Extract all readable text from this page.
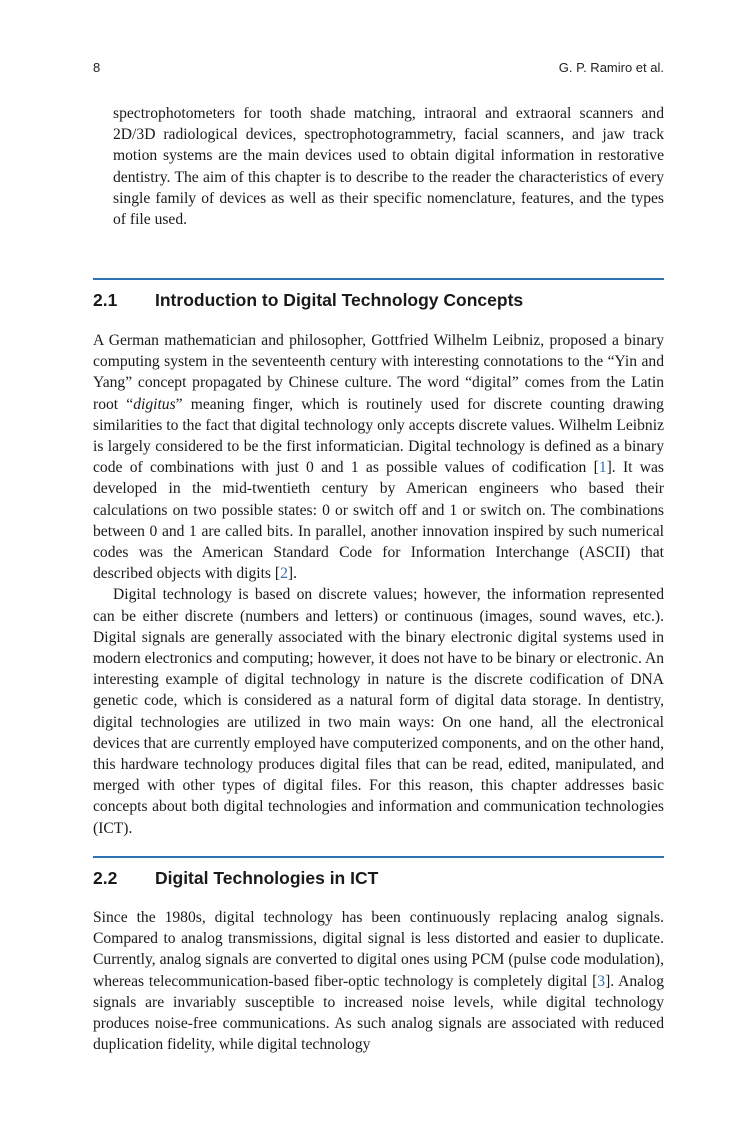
8	G. P. Ramiro et al.
spectrophotometers for tooth shade matching, intraoral and extraoral scanners and 2D/3D radiological devices, spectrophotogrammetry, facial scanners, and jaw track motion systems are the main devices used to obtain digital information in restorative dentistry. The aim of this chapter is to describe to the reader the characteristics of every single family of devices as well as their specific nomenclature, features, and the types of file used.
2.1 Introduction to Digital Technology Concepts

A German mathematician and philosopher, Gottfried Wilhelm Leibniz, proposed a binary computing system in the seventeenth century with interesting connotations to the “Yin and Yang” concept propagated by Chinese culture. The word “digital” comes from the Latin root “digitus” meaning finger, which is routinely used for discrete counting drawing similarities to the fact that digital technology only accepts discrete values. Wilhelm Leibniz is largely considered to be the first informatician. Digital technology is defined as a binary code of combinations with just 0 and 1 as possible values of codification [1]. It was developed in the mid-twentieth century by American engineers who based their calculations on two possible states: 0 or switch off and 1 or switch on. The combinations between 0 and 1 are called bits. In parallel, another innovation inspired by such numerical codes was the American Standard Code for Information Interchange (ASCII) that described objects with digits [2].

Digital technology is based on discrete values; however, the information represented can be either discrete (numbers and letters) or continuous (images, sound waves, etc.). Digital signals are generally associated with the binary electronic digital systems used in modern electronics and computing; however, it does not have to be binary or electronic. An interesting example of digital technology in nature is the discrete codification of DNA genetic code, which is considered as a natural form of digital data storage. In dentistry, digital technologies are utilized in two main ways: On one hand, all the electronical devices that are currently employed have computerized components, and on the other hand, this hardware technology produces digital files that can be read, edited, manipulated, and merged with other types of digital files. For this reason, this chapter addresses basic concepts about both digital technologies and information and communication technologies (ICT).

2.2 Digital Technologies in ICT

Since the 1980s, digital technology has been continuously replacing analog signals. Compared to analog transmissions, digital signal is less distorted and easier to duplicate. Currently, analog signals are converted to digital ones using PCM (pulse code modulation), whereas telecommunication-based fiber-optic technology is completely digital [3]. Analog signals are invariably susceptible to increased noise levels, while digital technology produces noise-free communications. As such analog signals are associated with reduced duplication fidelity, while digital technology
